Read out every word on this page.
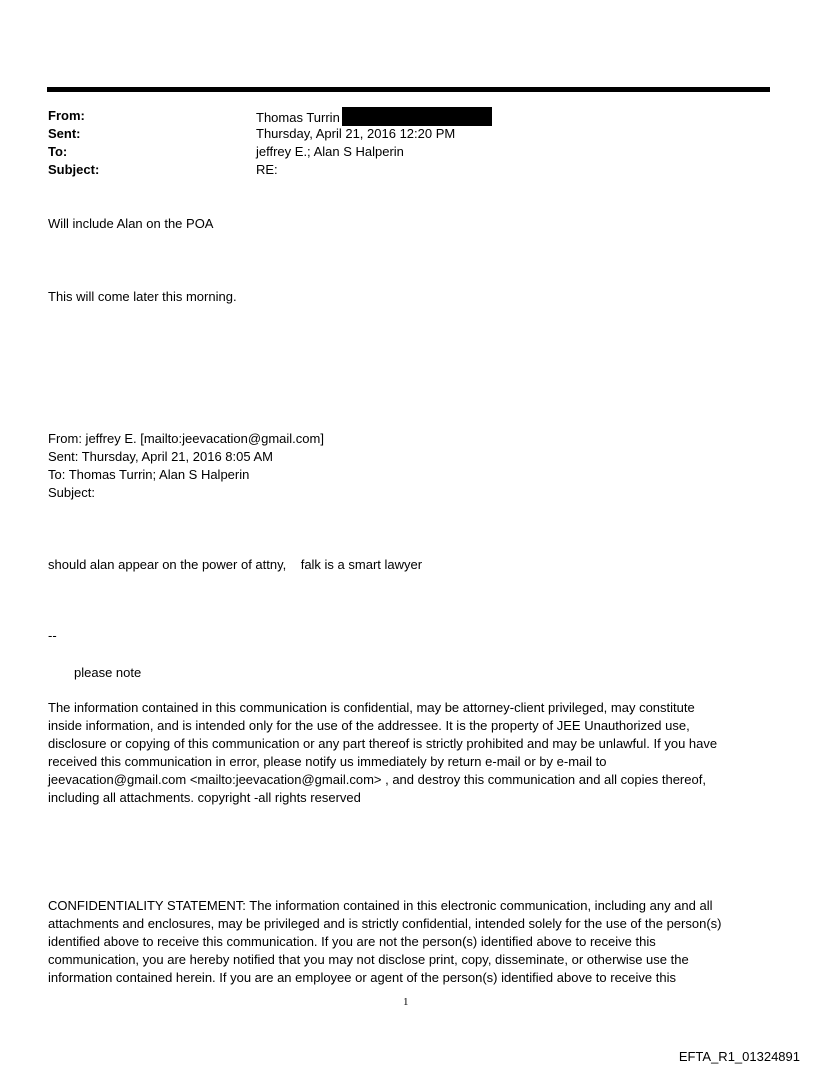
From:	Thomas Turrin
Sent:	Thursday, April 21, 2016 12:20 PM
To:	jeffrey E.; Alan S Halperin
Subject:	RE:
Will include Alan on the POA
This will come later this morning.
From: jeffrey E. [mailto:jeevacation@gmail.com]
Sent: Thursday, April 21, 2016 8:05 AM
To: Thomas Turrin; Alan S Halperin
Subject:
should alan appear on the power of attny,    falk is a smart lawyer
--
please note
The information contained in this communication is confidential, may be attorney-client privileged, may constitute
inside information, and is intended only for the use of the addressee. It is the property of JEE Unauthorized use,
disclosure or copying of this communication or any part thereof is strictly prohibited and may be unlawful. If you have
received this communication in error, please notify us immediately by return e-mail or by e-mail to
jeevacation@gmail.com <mailto:jeevacation@gmail.com> , and destroy this communication and all copies thereof,
including all attachments. copyright -all rights reserved
CONFIDENTIALITY STATEMENT: The information contained in this electronic communication, including any and all
attachments and enclosures, may be privileged and is strictly confidential, intended solely for the use of the person(s)
identified above to receive this communication. If you are not the person(s) identified above to receive this
communication, you are hereby notified that you may not disclose print, copy, disseminate, or otherwise use the
information contained herein. If you are an employee or agent of the person(s) identified above to receive this
1
EFTA_R1_01324891
